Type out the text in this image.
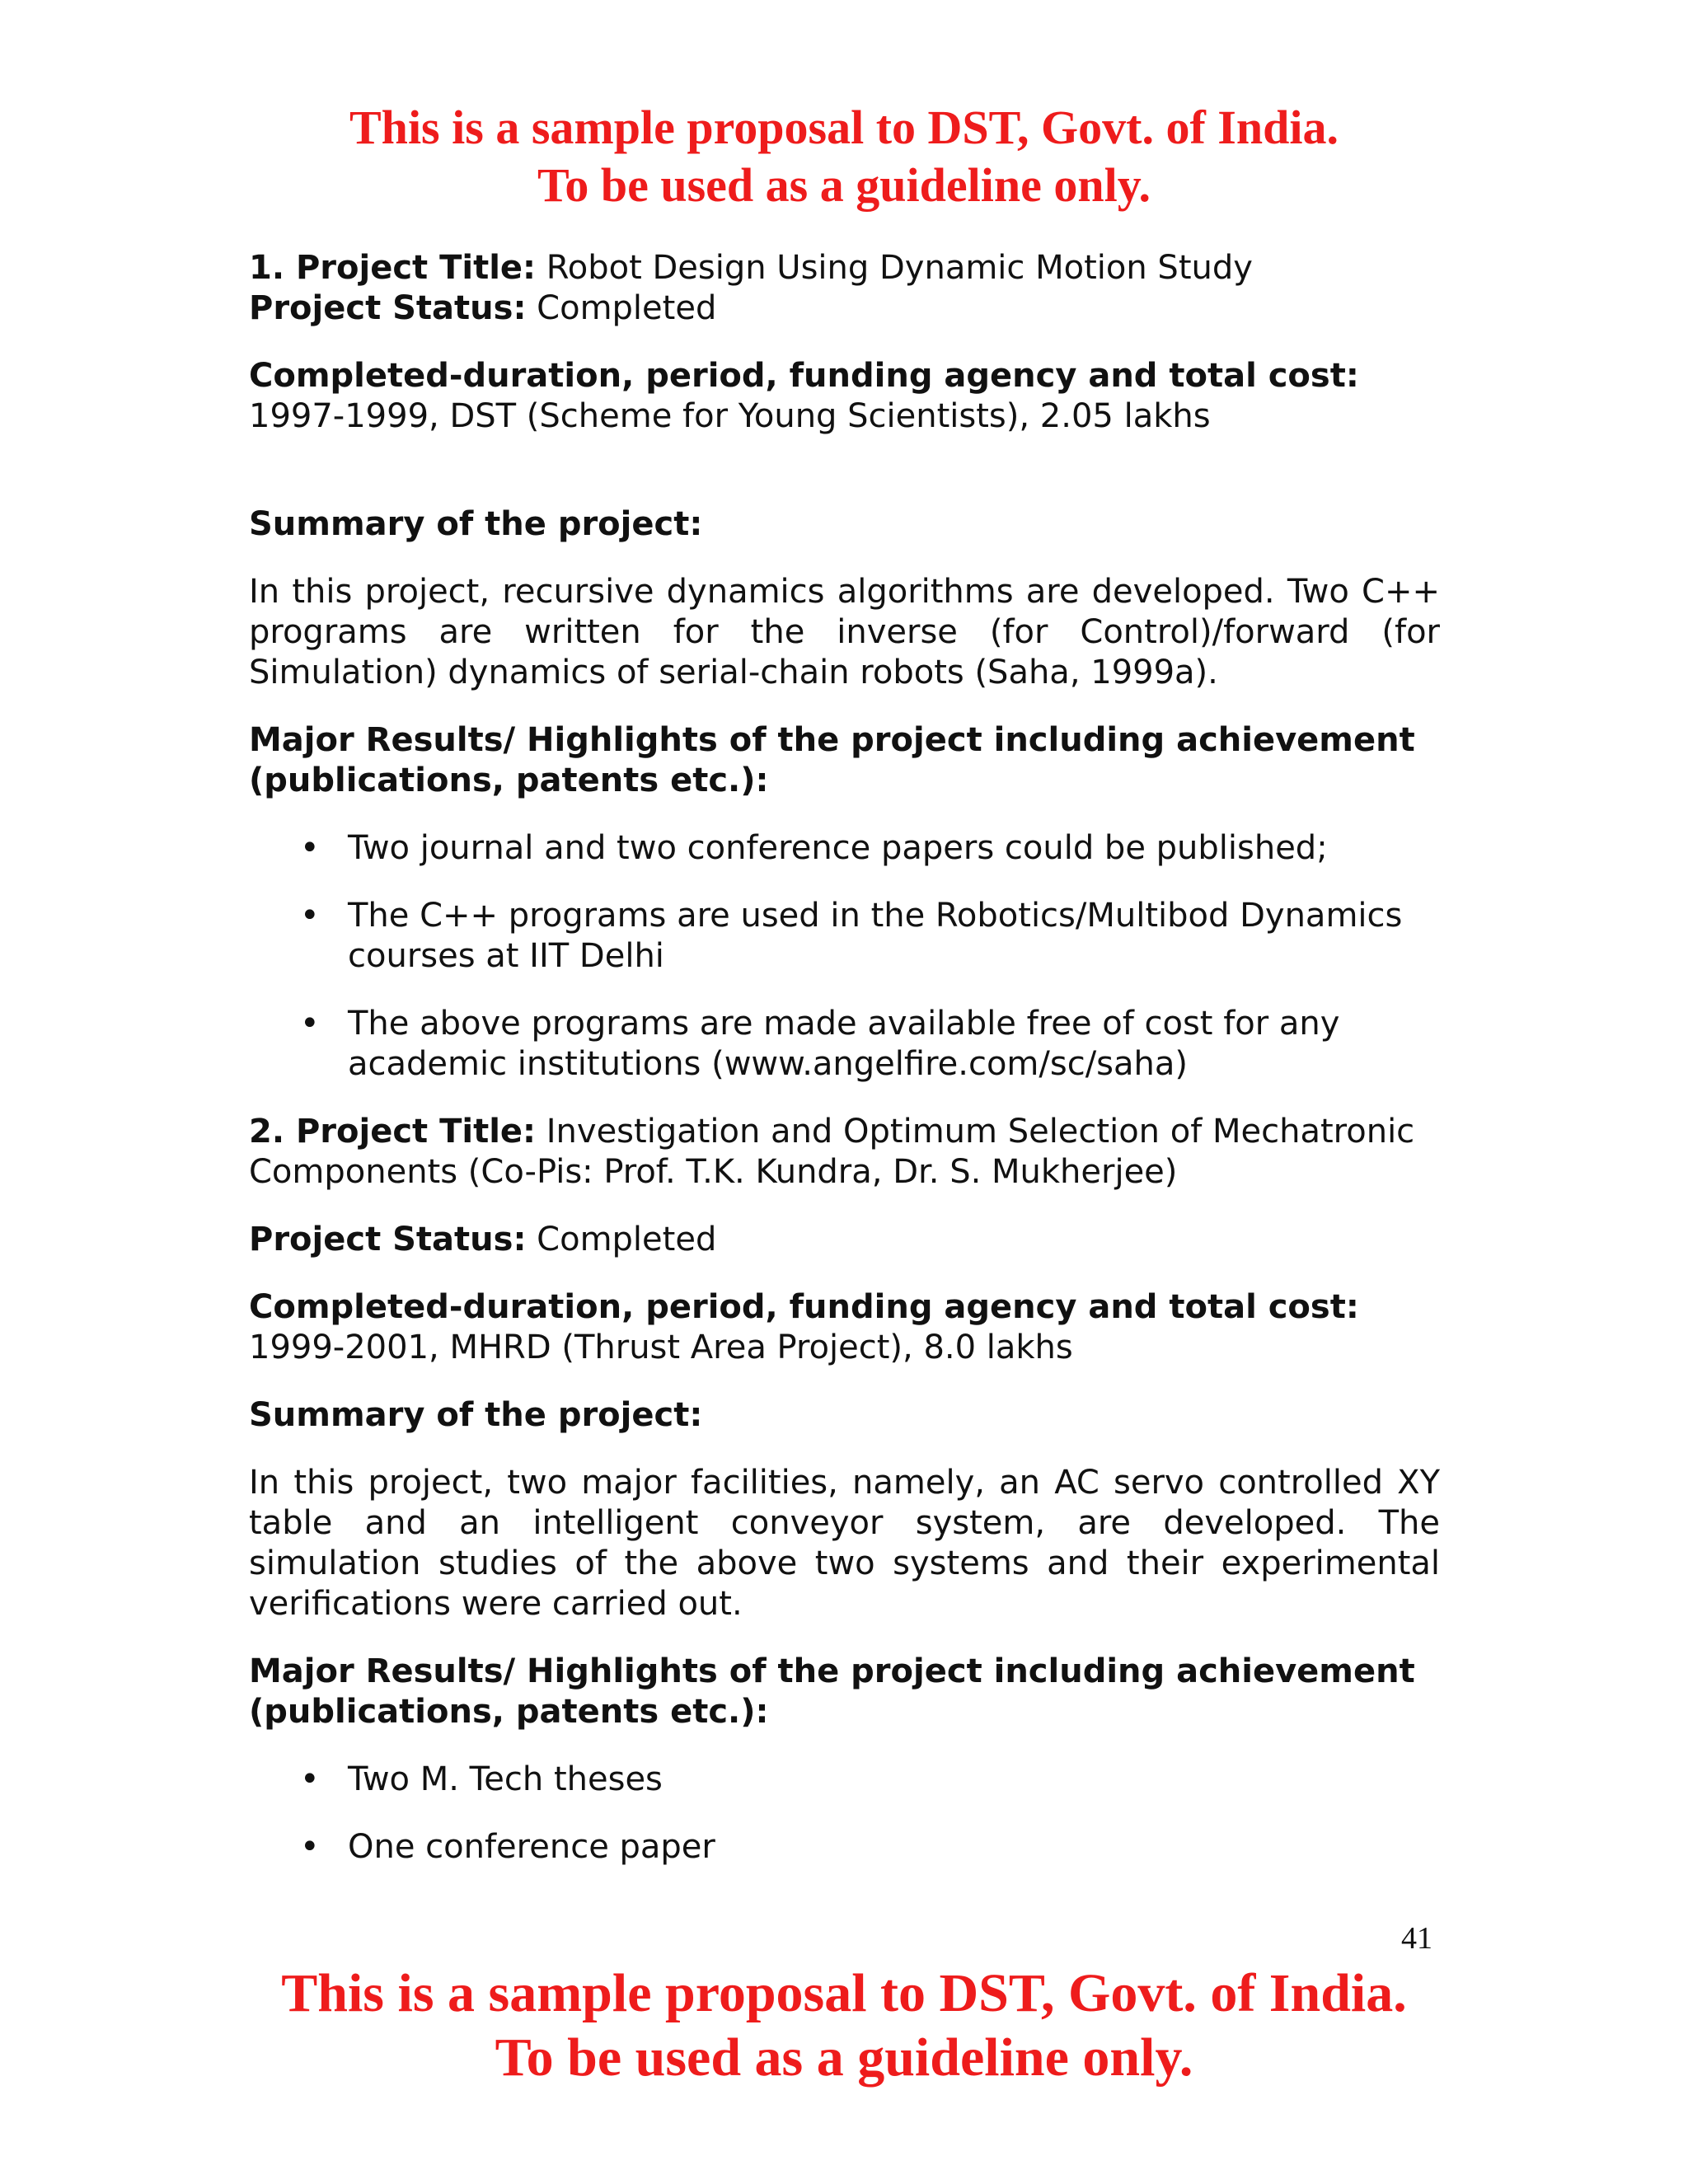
This is a sample proposal to DST, Govt. of India.
To be used as a guideline only.

1. Project Title: Robot Design Using Dynamic Motion Study

Project Status: Completed

Completed-duration, period, funding agency and total cost:

1997-1999, DST (Scheme for Young Scientists), 2.05 lakhs

Summary of the project:

In this project, recursive dynamics algorithms are developed. Two C++ programs are written for the inverse (for Control)/forward (for Simulation) dynamics of serial-chain robots (Saha, 1999a).

Major Results/ Highlights of the project including achievement (publications, patents etc.):

• Two journal and two conference papers could be published;
• The C++ programs are used in the Robotics/Multibod Dynamics courses at IIT Delhi
• The above programs are made available free of cost for any academic institutions (www.angelfire.com/sc/saha)

2. Project Title: Investigation and Optimum Selection of Mechatronic Components (Co-Pis: Prof. T.K. Kundra, Dr. S. Mukherjee)

Project Status: Completed

Completed-duration, period, funding agency and total cost:

1999-2001, MHRD (Thrust Area Project), 8.0 lakhs

Summary of the project:

In this project, two major facilities, namely, an AC servo controlled XY table and an intelligent conveyor system, are developed. The simulation studies of the above two systems and their experimental verifications were carried out.

Major Results/ Highlights of the project including achievement (publications, patents etc.):

• Two M. Tech theses
• One conference paper
41
This is a sample proposal to DST, Govt. of India.
To be used as a guideline only.
